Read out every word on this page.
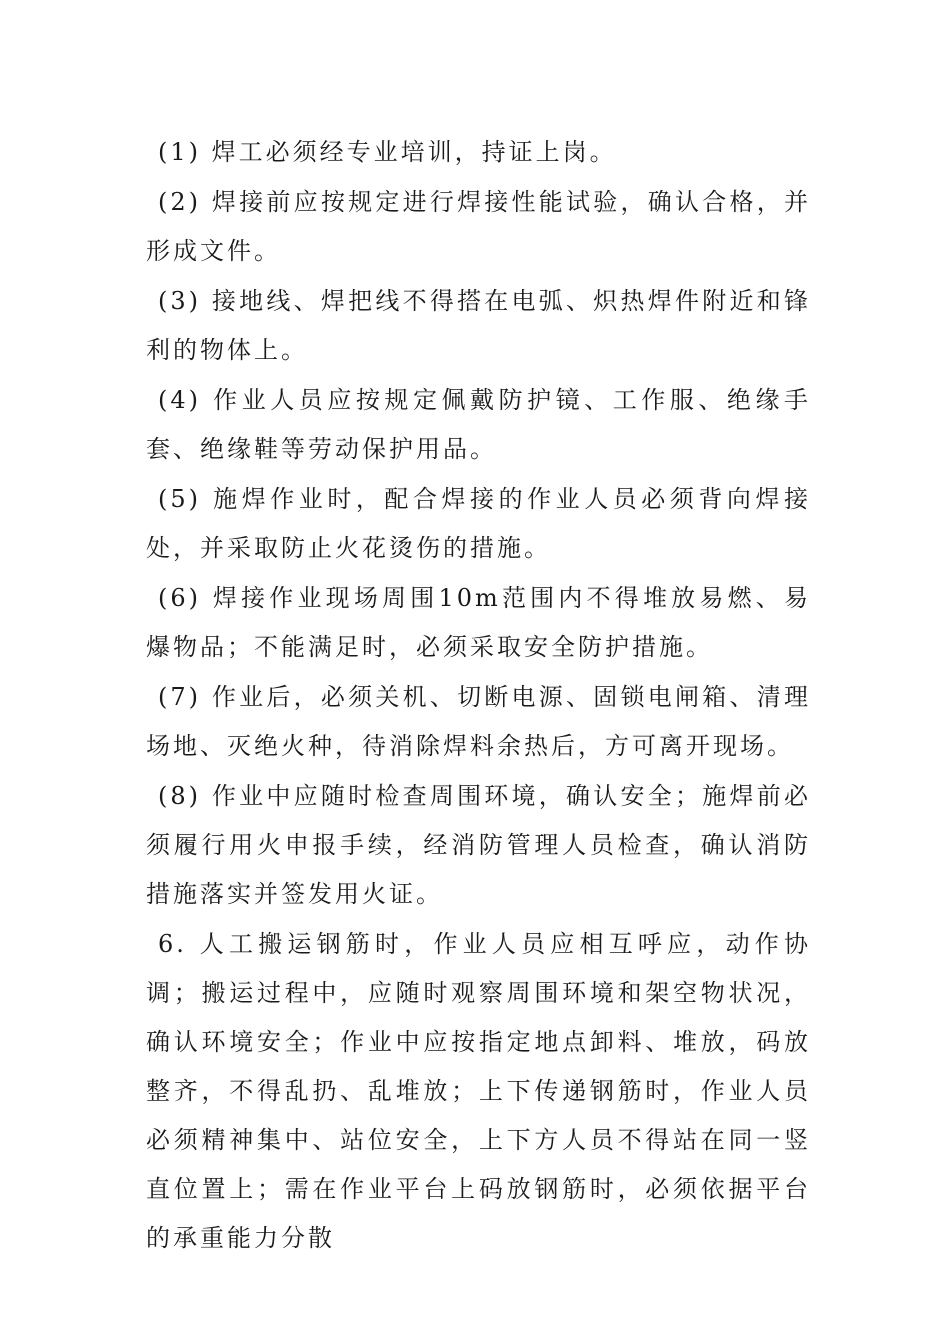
(1) 焊工必须经专业培训，持证上岗。

(2) 焊接前应按规定进行焊接性能试验，确认合格，并形成文件。

(3) 接地线、焊把线不得搭在电弧、炽热焊件附近和锋利的物体上。

(4) 作业人员应按规定佩戴防护镜、工作服、绝缘手套、绝缘鞋等劳动保护用品。

(5) 施焊作业时，配合焊接的作业人员必须背向焊接处，并采取防止火花烫伤的措施。

(6) 焊接作业现场周围10m范围内不得堆放易燃、易爆物品；不能满足时，必须采取安全防护措施。

(7) 作业后，必须关机、切断电源、固锁电闸箱、清理场地、灭绝火种，待消除焊料余热后，方可离开现场。

(8) 作业中应随时检查周围环境，确认安全；施焊前必须履行用火申报手续，经消防管理人员检查，确认消防措施落实并签发用火证。

6. 人工搬运钢筋时，作业人员应相互呼应，动作协调；搬运过程中，应随时观察周围环境和架空物状况，确认环境安全；作业中应按指定地点卸料、堆放，码放整齐，不得乱扔、乱堆放；上下传递钢筋时，作业人员必须精神集中、站位安全，上下方人员不得站在同一竖直位置上；需在作业平台上码放钢筋时，必须依据平台的承重能力分散
